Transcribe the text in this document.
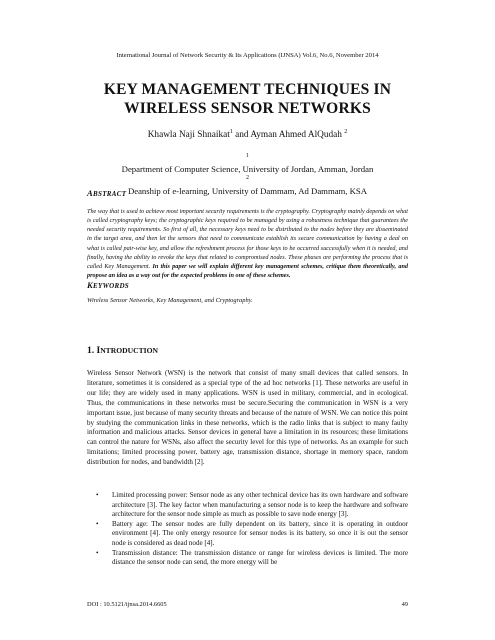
International Journal of Network Security & Its Applications (IJNSA) Vol.6, No.6, November 2014
KEY MANAGEMENT TECHNIQUES IN
WIRELESS SENSOR NETWORKS
Khawla Naji Shnaikat$^1$ and Ayman Ahmed AlQudah $^2$
$^1$
Department of Computer Science, University of Jordan, Amman, Jordan
$^2$
Deanship of e-learning, University of Dammam, Ad Dammam, KSA
ABSTRACT
The way that is used to achieve most important security requirements is the cryptography. Cryptography mainly depends on what is called cryptography keys; the cryptographic keys required to be managed by using a robustness technique that guarantees the needed security requirements. So first of all, the necessary keys need to be distributed to the nodes before they are disseminated in the target area, and then let the sensors that need to communicate establish its secure communication by having a deal on what is called pair-wise key, and allow the refreshment process for those keys to be occurred successfully when it is needed, and finally, having the ability to revoke the keys that related to compromised nodes. These phases are performing the process that is called Key Management. In this paper we will explain different key management schemes, critique them theoretically, and propose an idea as a way out for the expected problems in one of these schemes.
KEYWORDS
Wireless Sensor Networks, Key Management, and Cryptography.
1. INTRODUCTION
Wireless Sensor Network (WSN) is the network that consist of many small devices that called sensors. In literature, sometimes it is considered as a special type of the ad hoc networks [1]. These networks are useful in our life; they are widely used in many applications. WSN is used in military, commercial, and in ecological. Thus, the communications in these networks must be secure.Securing the communication in WSN is a very important issue, just because of many security threats and because of the nature of WSN. We can notice this point by studying the communication links in these networks, which is the radio links that is subject to many faulty information and malicious attacks. Sensor devices in general have a limitation in its resources; these limitations can control the nature for WSNs, also affect the security level for this type of networks. As an example for such limitations; limited processing power, battery age, transmission distance, shortage in memory space, random distribution for nodes, and bandwidth [2].
• Limited processing power: Sensor node as any other technical device has its own hardware and software architecture [3]. The key factor when manufacturing a sensor node is to keep the hardware and software architecture for the sensor node simple as much as possible to save node energy [3].
• Battery age: The sensor nodes are fully dependent on its battery, since it is operating in outdoor environment [4]. The only energy resource for sensor nodes is its battery, so once it is out the sensor node is considered as dead node [4].
• Transmission distance: The transmission distance or range for wireless devices is limited. The more distance the sensor node can send, the more energy will be
DOI : 10.5121/ijnsa.2014.6605	49
